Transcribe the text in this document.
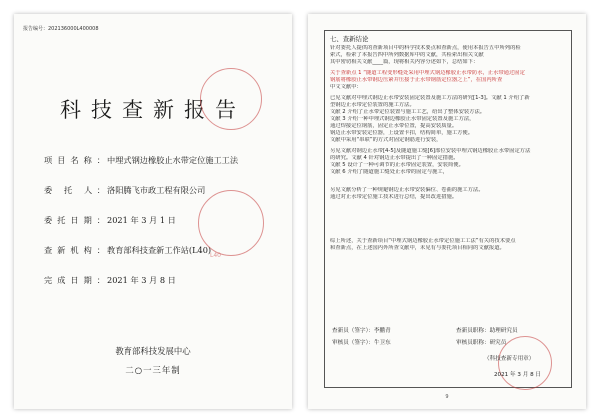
报告编号：202136000L400008
科技查新报告
项目名称： 中埋式钢边橡胶止水带定位施工工法
委 托 人： 洛阳腾飞市政工程有限公司
委托日期： 2021 年 3 月 1 日
查新机构： 教育部科技查新工作站(L40)
完成日期： 2021 年 3 月 8 日
L40
教育部科技发展中心
二○一三年制
七、查新结论
针对委托人提供的查新项目中的科学技术要点和查新点，使用本报告五中所列的检
索式，检索了本报告四中所列数据库中的文献，共检索出相关文献
其中密切相关文献____篇，现将相关内容分述如下，总结如下：
关于查新点 1 “隧道工程变形缝处采用中埋式钢边橡胶止水带防水，止水带通过固定
钢筋将橡胶止水带钢边压紧并压接于止水带钢筋定位器之上”，在国内所查
中文文献中：
已见文献对中埋式钢边止水带安装固定装置及施工方法的研究[1-3]。文献 1 介绍了新
型钢边止水带定位装置的施工方法。
文献 2 介绍了止水带定位装置与施工工艺，给出了整体安装方法。
文献 3 介绍一种中埋式钢边橡胶止水带固定装置及施工方法，
通过焊接定位钢筋，固定止水带位置，提高安装质量。
钢边止水带安装定位器，上设置卡扣，结构简单，施工方便。
文献中采用“串联”的方式对固定钢筋进行安装，
另见文献对钢边止水带[4-5]及隧道施工缝[6]部位安装中埋式钢边橡胶止水带固定方法
的研究。文献 4 针对钢边止水带提出了一种固定措施。
文献 5 设计了一种可调节的止水带固定装置，安装简便。
文献 6 介绍了隧道施工缝处止水带的固定与施工，
另见文献分析了一种规避钢边止水带安装偏位、卷曲的施工方法。
通过对止水带定位施工技术进行总结，提出改进措施。
综上所述，关于查新项目“中埋式钢边橡胶止水带定位施工工法”有关的技术要点
和查新点，在上述国内外所查文献中，未见有与委托项目相同的文献报道。
查新员（签字）：李鹏青	查新员职称：助理研究员
审核员（签字）：牛卫东	审核员职称：研究员
（科技查新专用章）
2021 年 3 月 8 日
9
